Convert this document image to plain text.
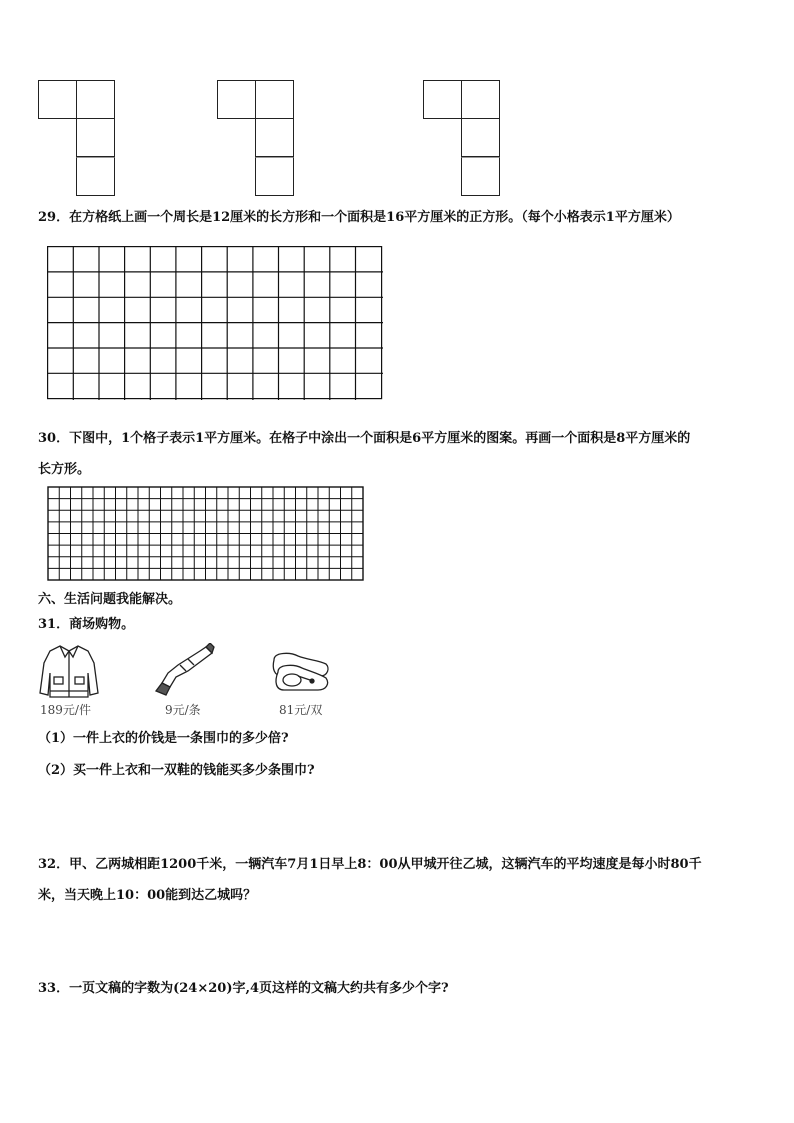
29．在方格纸上画一个周长是12厘米的长方形和一个面积是16平方厘米的正方形。（每个小格表示1平方厘米）
30．下图中，1个格子表示1平方厘米。在格子中涂出一个面积是6平方厘米的图案。再画一个面积是8平方厘米的
长方形。
六、生活问题我能解决。
31．商场购物。
189元/件	9元/条	81元/双
（1）一件上衣的价钱是一条围巾的多少倍?
（2）买一件上衣和一双鞋的钱能买多少条围巾?
32．甲、乙两城相距1200千米，一辆汽车7月1日早上8：00从甲城开往乙城，这辆汽车的平均速度是每小时80千
米，当天晚上10：00能到达乙城吗？
33．一页文稿的字数为(24×20)字,4页这样的文稿大约共有多少个字?
